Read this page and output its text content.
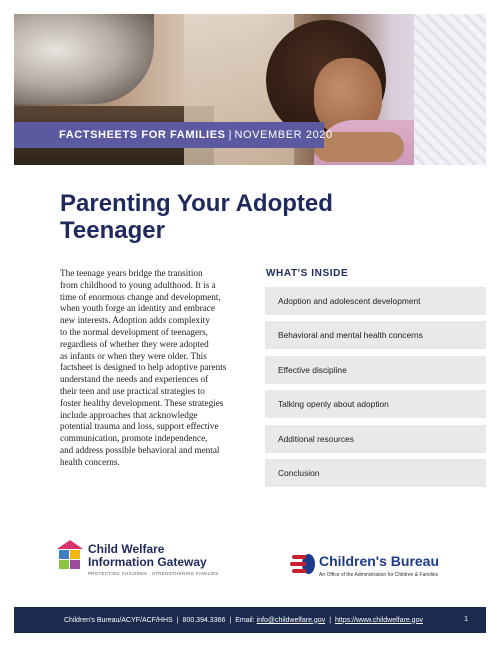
FACTSHEETS FOR FAMILIES | NOVEMBER 2020
Parenting Your Adopted
Teenager
The teenage years bridge the transition
from childhood to young adulthood. It is a
time of enormous change and development,
when youth forge an identity and embrace
new interests. Adoption adds complexity
to the normal development of teenagers,
regardless of whether they were adopted
as infants or when they were older. This
factsheet is designed to help adoptive parents
understand the needs and experiences of
their teen and use practical strategies to
foster healthy development. These strategies
include approaches that acknowledge
potential trauma and loss, support effective
communication, promote independence,
and address possible behavioral and mental
health concerns.
WHAT'S INSIDE
Adoption and adolescent development
Behavioral and mental health concerns
Effective discipline
Talking openly about adoption
Additional resources
Conclusion
Child Welfare
Information Gateway
PROTECTING CHILDREN · STRENGTHENING FAMILIES
Children's Bureau
An Office of the Administration for Children & Families
Children's Bureau/ACYF/ACF/HHS | 800.394.3366 | Email:
info@childwelfare.gov | https://www.childwelfare.gov	1
